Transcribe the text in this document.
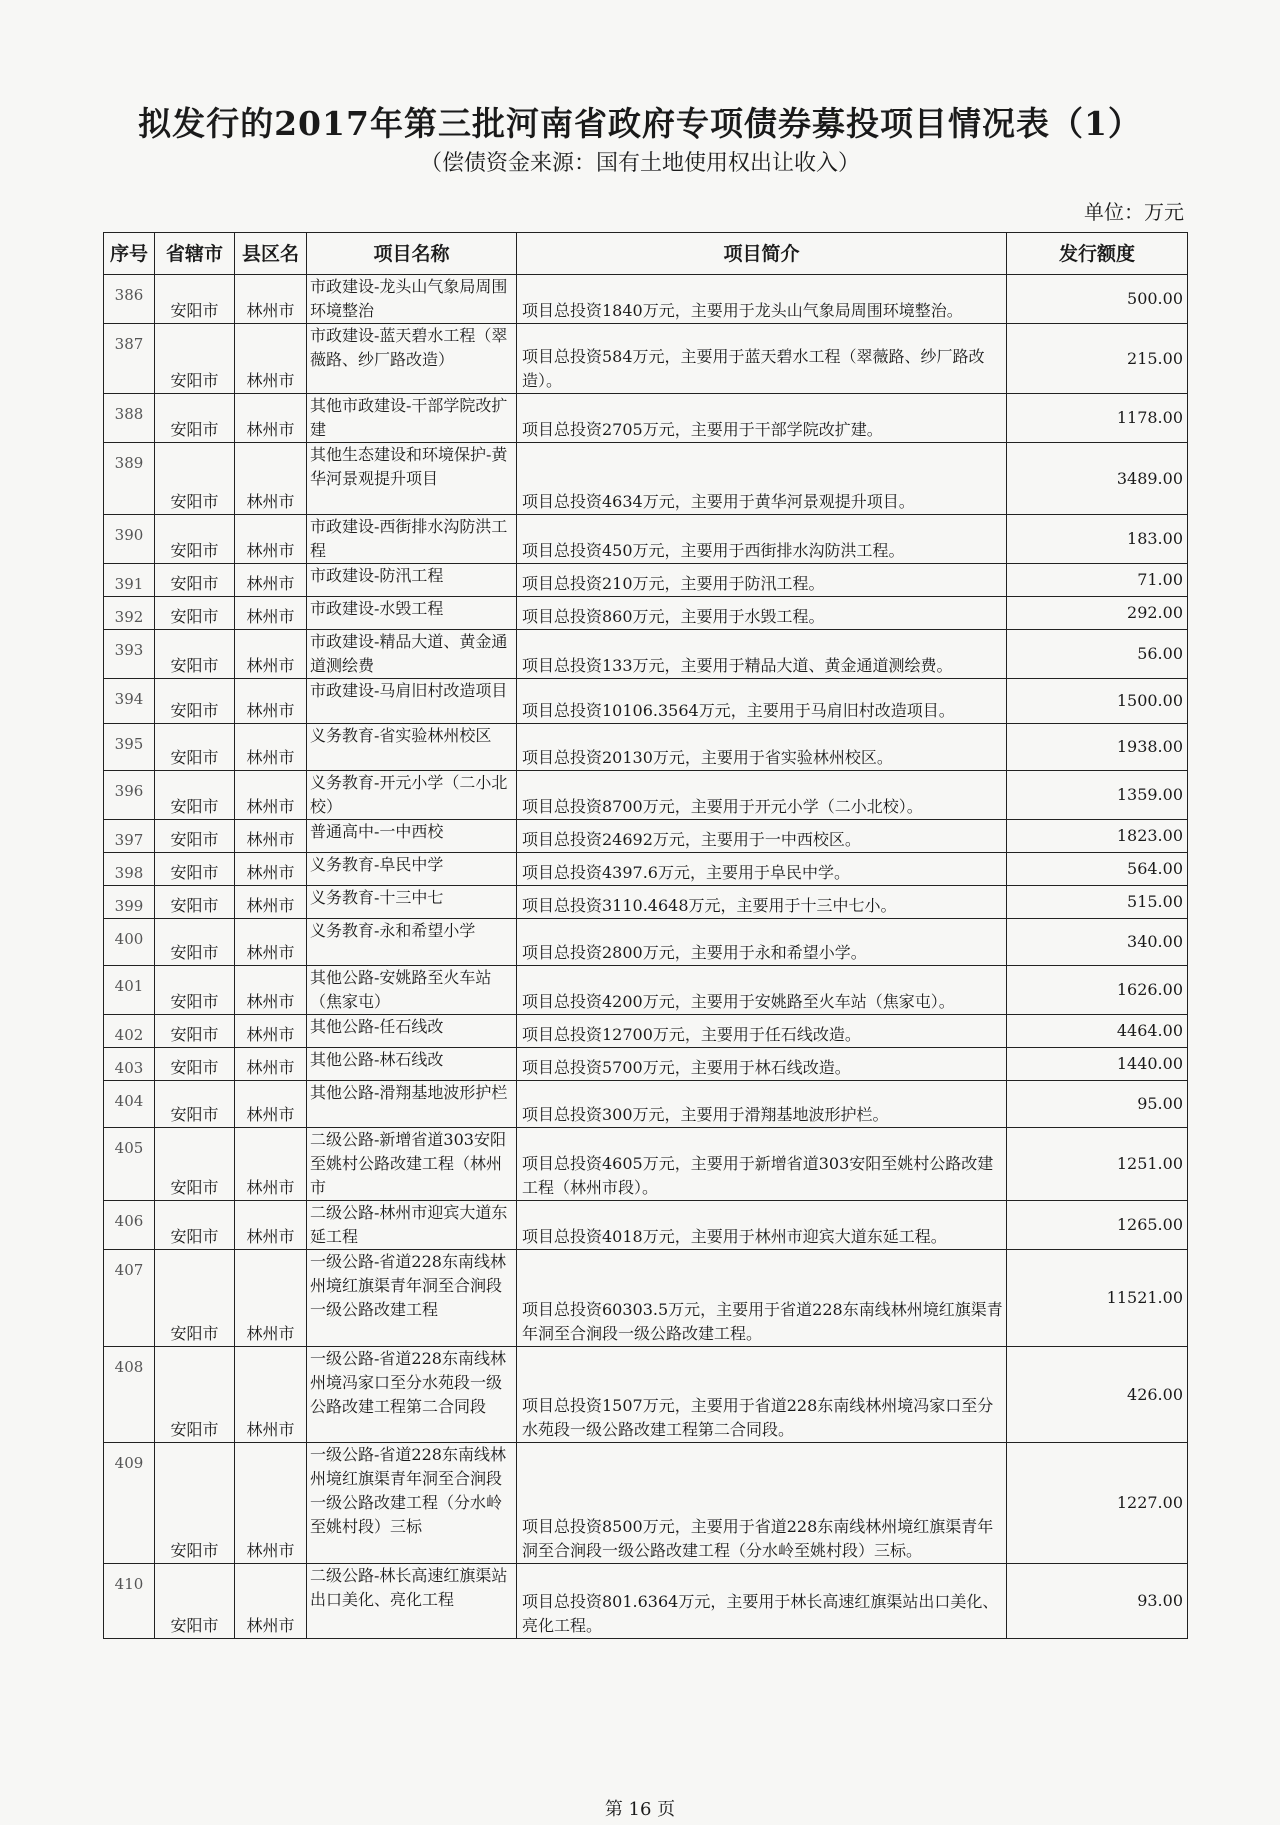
拟发行的2017年第三批河南省政府专项债券募投项目情况表（1）
（偿债资金来源：国有土地使用权出让收入）
单位：万元
序号	省辖市	县区名	项目名称	项目简介	发行额度
386	安阳市	林州市	市政建设-龙头山气象局周围环境整治	项目总投资1840万元，主要用于龙头山气象局周围环境整治。	500.00
387	安阳市	林州市	市政建设-蓝天碧水工程（翠薇路、纱厂路改造）	项目总投资584万元，主要用于蓝天碧水工程（翠薇路、纱厂路改造）。	215.00
388	安阳市	林州市	其他市政建设-干部学院改扩建	项目总投资2705万元，主要用于干部学院改扩建。	1178.00
389	安阳市	林州市	其他生态建设和环境保护-黄华河景观提升项目	项目总投资4634万元，主要用于黄华河景观提升项目。	3489.00
390	安阳市	林州市	市政建设-西街排水沟防洪工程	项目总投资450万元，主要用于西街排水沟防洪工程。	183.00
391	安阳市	林州市	市政建设-防汛工程	项目总投资210万元，主要用于防汛工程。	71.00
392	安阳市	林州市	市政建设-水毁工程	项目总投资860万元，主要用于水毁工程。	292.00
393	安阳市	林州市	市政建设-精品大道、黄金通道测绘费	项目总投资133万元，主要用于精品大道、黄金通道测绘费。	56.00
394	安阳市	林州市	市政建设-马肩旧村改造项目	项目总投资10106.3564万元，主要用于马肩旧村改造项目。	1500.00
395	安阳市	林州市	义务教育-省实验林州校区	项目总投资20130万元，主要用于省实验林州校区。	1938.00
396	安阳市	林州市	义务教育-开元小学（二小北校）	项目总投资8700万元，主要用于开元小学（二小北校）。	1359.00
397	安阳市	林州市	普通高中-一中西校	项目总投资24692万元，主要用于一中西校区。	1823.00
398	安阳市	林州市	义务教育-阜民中学	项目总投资4397.6万元，主要用于阜民中学。	564.00
399	安阳市	林州市	义务教育-十三中七	项目总投资3110.4648万元，主要用于十三中七小。	515.00
400	安阳市	林州市	义务教育-永和希望小学	项目总投资2800万元，主要用于永和希望小学。	340.00
401	安阳市	林州市	其他公路-安姚路至火车站（焦家屯）	项目总投资4200万元，主要用于安姚路至火车站（焦家屯）。	1626.00
402	安阳市	林州市	其他公路-任石线改	项目总投资12700万元，主要用于任石线改造。	4464.00
403	安阳市	林州市	其他公路-林石线改	项目总投资5700万元，主要用于林石线改造。	1440.00
404	安阳市	林州市	其他公路-滑翔基地波形护栏	项目总投资300万元，主要用于滑翔基地波形护栏。	95.00
405	安阳市	林州市	二级公路-新增省道303安阳至姚村公路改建工程（林州市	项目总投资4605万元，主要用于新增省道303安阳至姚村公路改建工程（林州市段）。	1251.00
406	安阳市	林州市	二级公路-林州市迎宾大道东延工程	项目总投资4018万元，主要用于林州市迎宾大道东延工程。	1265.00
407	安阳市	林州市	一级公路-省道228东南线林州境红旗渠青年洞至合涧段一级公路改建工程	项目总投资60303.5万元，主要用于省道228东南线林州境红旗渠青年洞至合涧段一级公路改建工程。	11521.00
408	安阳市	林州市	一级公路-省道228东南线林州境冯家口至分水苑段一级公路改建工程第二合同段	项目总投资1507万元，主要用于省道228东南线林州境冯家口至分水苑段一级公路改建工程第二合同段。	426.00
409	安阳市	林州市	一级公路-省道228东南线林州境红旗渠青年洞至合涧段一级公路改建工程（分水岭至姚村段）三标	项目总投资8500万元，主要用于省道228东南线林州境红旗渠青年洞至合涧段一级公路改建工程（分水岭至姚村段）三标。	1227.00
410	安阳市	林州市	二级公路-林长高速红旗渠站出口美化、亮化工程	项目总投资801.6364万元，主要用于林长高速红旗渠站出口美化、亮化工程。	93.00
第 16 页
